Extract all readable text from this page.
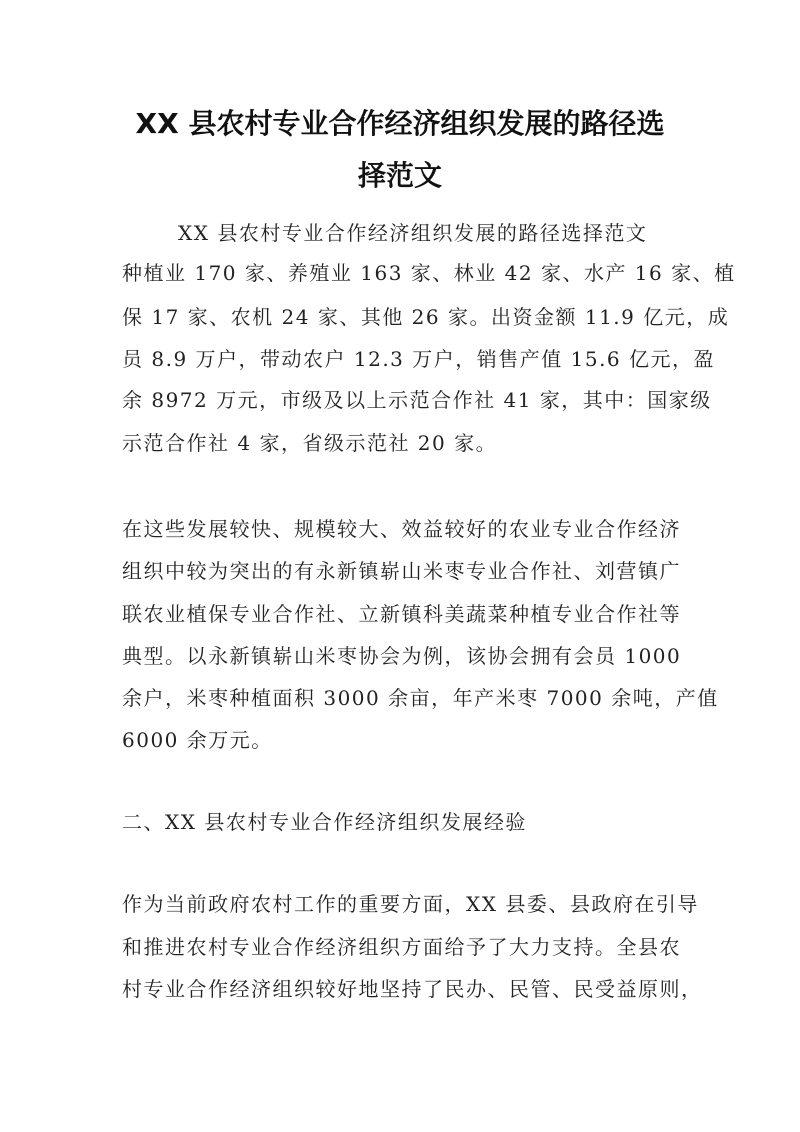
XX 县农村专业合作经济组织发展的路径选
择范文
XX 县农村专业合作经济组织发展的路径选择范文
种植业 170 家、养殖业 163 家、林业 42 家、水产 16 家、植
保 17 家、农机 24 家、其他 26 家。出资金额 11.9 亿元，成
员 8.9 万户，带动农户 12.3 万户，销售产值 15.6 亿元，盈
余 8972 万元，市级及以上示范合作社 41 家，其中：国家级
示范合作社 4 家，省级示范社 20 家。
在这些发展较快、规模较大、效益较好的农业专业合作经济
组织中较为突出的有永新镇崭山米枣专业合作社、刘营镇广
联农业植保专业合作社、立新镇科美蔬菜种植专业合作社等
典型。以永新镇崭山米枣协会为例，该协会拥有会员 1000
余户，米枣种植面积 3000 余亩，年产米枣 7000 余吨，产值
6000 余万元。
二、XX 县农村专业合作经济组织发展经验
作为当前政府农村工作的重要方面，XX 县委、县政府在引导
和推进农村专业合作经济组织方面给予了大力支持。全县农
村专业合作经济组织较好地坚持了民办、民管、民受益原则，
